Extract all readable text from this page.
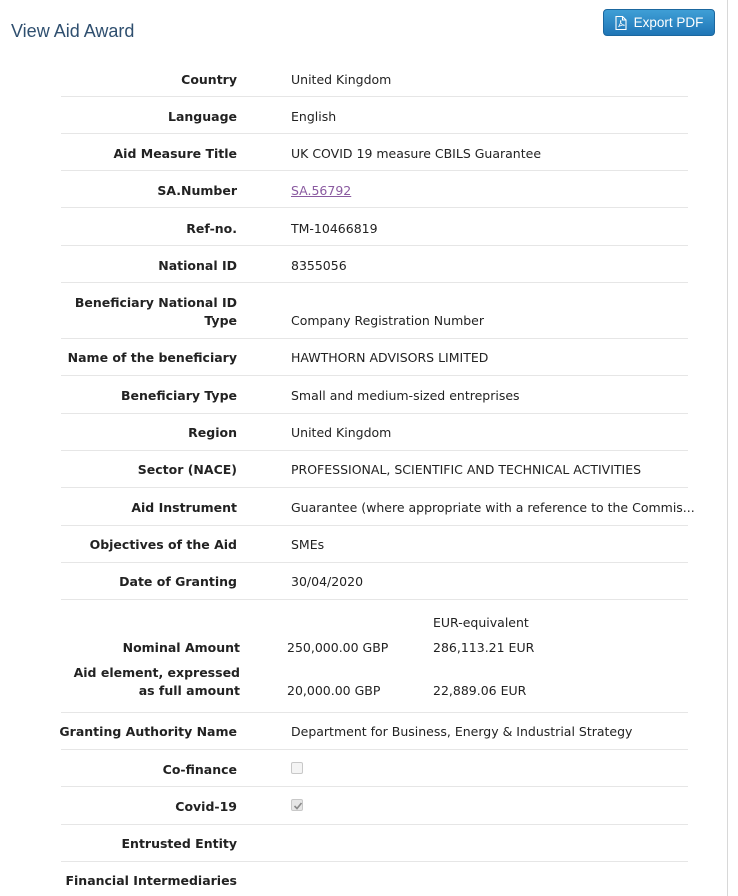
View Aid Award	Export PDF
Country	United Kingdom
Language	English
Aid Measure Title	UK COVID 19 measure CBILS Guarantee
SA.Number	SA.56792
Ref-no.	TM-10466819
National ID	8355056
Beneficiary National ID
Type	Company Registration Number
Name of the beneficiary	HAWTHORN ADVISORS LIMITED
Beneficiary Type	Small and medium-sized entreprises
Region	United Kingdom
Sector (NACE)	PROFESSIONAL, SCIENTIFIC AND TECHNICAL ACTIVITIES
Aid Instrument	Guarantee (where appropriate with a reference to the Commis...
Objectives of the Aid	SMEs
Date of Granting	30/04/2020
EUR-equivalent
Nominal Amount	250,000.00 GBP	286,113.21 EUR
Aid element, expressed
as full amount	20,000.00 GBP	22,889.06 EUR
Granting Authority Name	Department for Business, Energy & Industrial Strategy
Co-finance
Covid-19
Entrusted Entity
Financial Intermediaries
